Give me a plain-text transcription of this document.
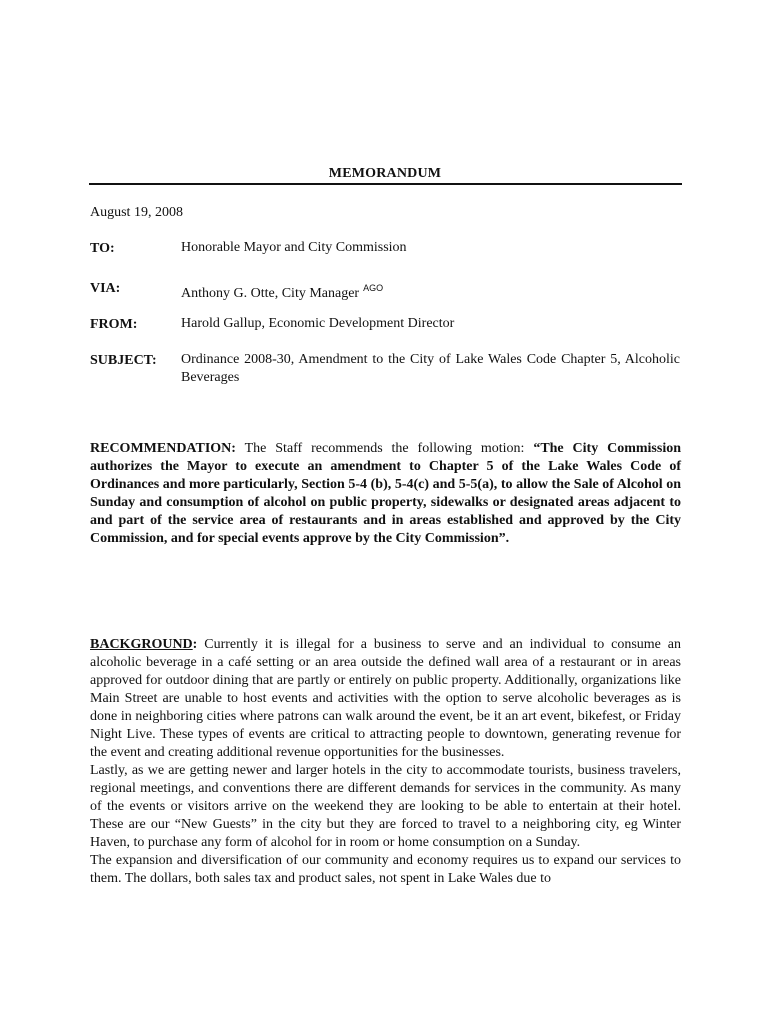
MEMORANDUM
August 19, 2008
TO:	Honorable Mayor and City Commission
VIA:	Anthony G. Otte, City Manager $^{AGO}$
FROM:	Harold Gallup, Economic Development Director
SUBJECT: Ordinance 2008-30, Amendment to the City of Lake Wales Code Chapter 5, Alcoholic Beverages
RECOMMENDATION: The Staff recommends the following motion: “The City Commission authorizes the Mayor to execute an amendment to Chapter 5 of the Lake Wales Code of Ordinances and more particularly, Section 5-4 (b), 5-4(c) and 5-5(a), to allow the Sale of Alcohol on Sunday and consumption of alcohol on public property, sidewalks or designated areas adjacent to and part of the service area of restaurants and in areas established and approved by the City Commission, and for special events approve by the City Commission”.
BACKGROUND: Currently it is illegal for a business to serve and an individual to consume an alcoholic beverage in a café setting or an area outside the defined wall area of a restaurant or in areas approved for outdoor dining that are partly or entirely on public property. Additionally, organizations like Main Street are unable to host events and activities with the option to serve alcoholic beverages as is done in neighboring cities where patrons can walk around the event, be it an art event, bikefest, or Friday Night Live. These types of events are critical to attracting people to downtown, generating revenue for the event and creating additional revenue opportunities for the businesses.
Lastly, as we are getting newer and larger hotels in the city to accommodate tourists, business travelers, regional meetings, and conventions there are different demands for services in the community. As many of the events or visitors arrive on the weekend they are looking to be able to entertain at their hotel. These are our “New Guests” in the city but they are forced to travel to a neighboring city, eg Winter Haven, to purchase any form of alcohol for in room or home consumption on a Sunday.
The expansion and diversification of our community and economy requires us to expand our services to them. The dollars, both sales tax and product sales, not spent in Lake Wales due to
